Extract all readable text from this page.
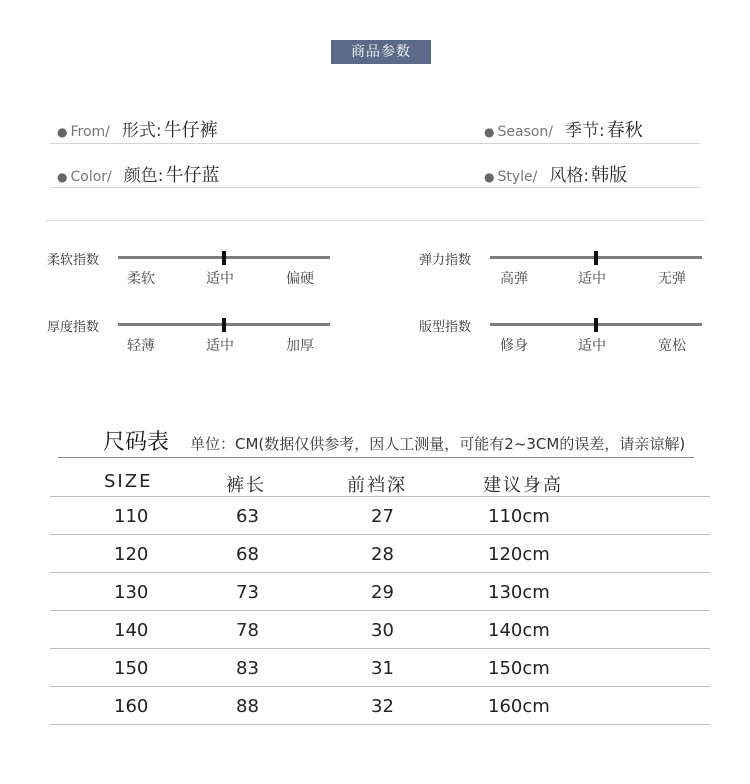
商品参数
● From/ 形式: 牛仔裤	● Season/ 季节: 春秋
● Color/ 颜色: 牛仔蓝	● Style/ 风格: 韩版
柔软指数
柔软	适中	偏硬
弹力指数
高弹	适中	无弹
厚度指数
轻薄	适中	加厚
版型指数
修身	适中	宽松
尺码表 单位：CM(数据仅供参考，因人工测量，可能有2~3CM的误差，请亲谅解)
SIZE	裤长	前裆深	建议身高
110	63	27	110cm
120	68	28	120cm
130	73	29	130cm
140	78	30	140cm
150	83	31	150cm
160	88	32	160cm
